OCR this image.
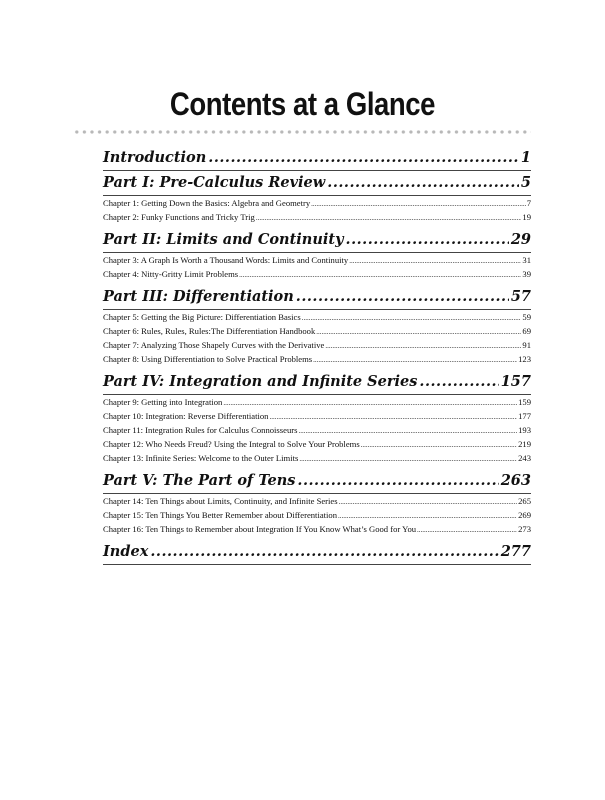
Contents at a Glance
Introduction .....	1
Part I: Pre-Calculus Review .....	5
Chapter 1: Getting Down the Basics: Algebra and Geometry .....	7
Chapter 2: Funky Functions and Tricky Trig .....	19
Part II: Limits and Continuity .....	29
Chapter 3: A Graph Is Worth a Thousand Words: Limits and Continuity .....	31
Chapter 4: Nitty-Gritty Limit Problems .....	39
Part III: Differentiation .....	57
Chapter 5: Getting the Big Picture: Differentiation Basics .....	59
Chapter 6: Rules, Rules, Rules:The Differentiation Handbook .....	69
Chapter 7: Analyzing Those Shapely Curves with the Derivative .....	91
Chapter 8: Using Differentiation to Solve Practical Problems .....	123
Part IV: Integration and Infinite Series .....	157
Chapter 9: Getting into Integration .....	159
Chapter 10: Integration: Reverse Differentiation .....	177
Chapter 11: Integration Rules for Calculus Connoisseurs .....	193
Chapter 12: Who Needs Freud? Using the Integral to Solve Your Problems .....	219
Chapter 13: Infinite Series: Welcome to the Outer Limits .....	243
Part V: The Part of Tens .....	263
Chapter 14: Ten Things about Limits, Continuity, and Infinite Series .....	265
Chapter 15: Ten Things You Better Remember about Differentiation .....	269
Chapter 16: Ten Things to Remember about Integration If You Know What’s Good for You .....	273
Index .....	277
